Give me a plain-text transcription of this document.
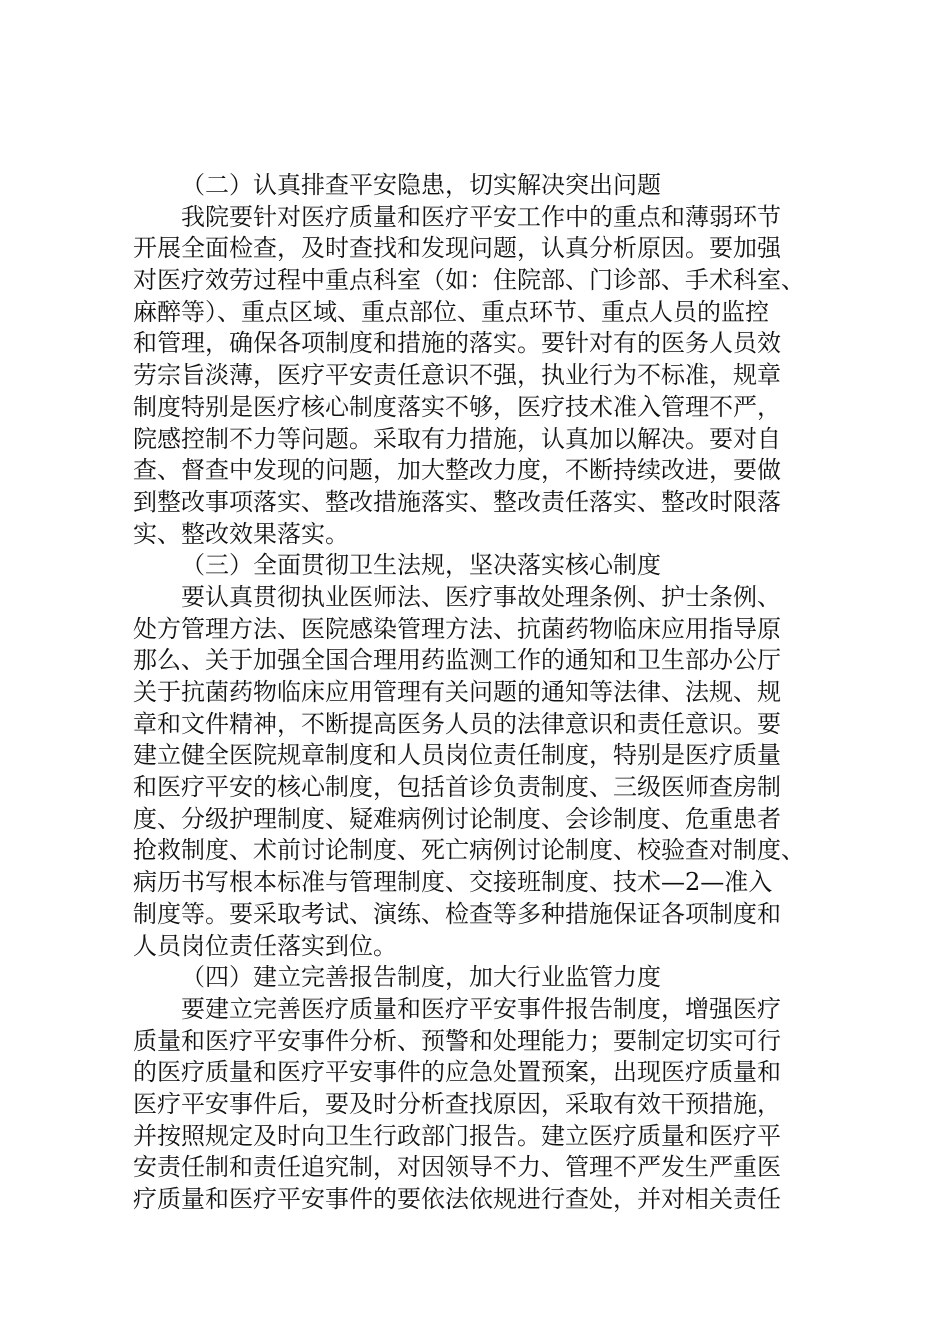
（二）认真排查平安隐患，切实解决突出问题
我院要针对医疗质量和医疗平安工作中的重点和薄弱环节
开展全面检查，及时查找和发现问题，认真分析原因。要加强
对医疗效劳过程中重点科室（如：住院部、门诊部、手术科室、
麻醉等）、重点区域、重点部位、重点环节、重点人员的监控
和管理，确保各项制度和措施的落实。要针对有的医务人员效
劳宗旨淡薄，医疗平安责任意识不强，执业行为不标准，规章
制度特别是医疗核心制度落实不够，医疗技术准入管理不严，
院感控制不力等问题。采取有力措施，认真加以解决。要对自
查、督查中发现的问题，加大整改力度，不断持续改进，要做
到整改事项落实、整改措施落实、整改责任落实、整改时限落
实、整改效果落实。
（三）全面贯彻卫生法规，坚决落实核心制度
要认真贯彻执业医师法、医疗事故处理条例、护士条例、
处方管理方法、医院感染管理方法、抗菌药物临床应用指导原
那么、关于加强全国合理用药监测工作的通知和卫生部办公厅
关于抗菌药物临床应用管理有关问题的通知等法律、法规、规
章和文件精神，不断提高医务人员的法律意识和责任意识。要
建立健全医院规章制度和人员岗位责任制度，特别是医疗质量
和医疗平安的核心制度，包括首诊负责制度、三级医师查房制
度、分级护理制度、疑难病例讨论制度、会诊制度、危重患者
抢救制度、术前讨论制度、死亡病例讨论制度、校验查对制度、
病历书写根本标准与管理制度、交接班制度、技术—2—准入
制度等。要采取考试、演练、检查等多种措施保证各项制度和
人员岗位责任落实到位。
（四）建立完善报告制度，加大行业监管力度
要建立完善医疗质量和医疗平安事件报告制度，增强医疗
质量和医疗平安事件分析、预警和处理能力；要制定切实可行
的医疗质量和医疗平安事件的应急处置预案，出现医疗质量和
医疗平安事件后，要及时分析查找原因，采取有效干预措施，
并按照规定及时向卫生行政部门报告。建立医疗质量和医疗平
安责任制和责任追究制，对因领导不力、管理不严发生严重医
疗质量和医疗平安事件的要依法依规进行查处，并对相关责任
